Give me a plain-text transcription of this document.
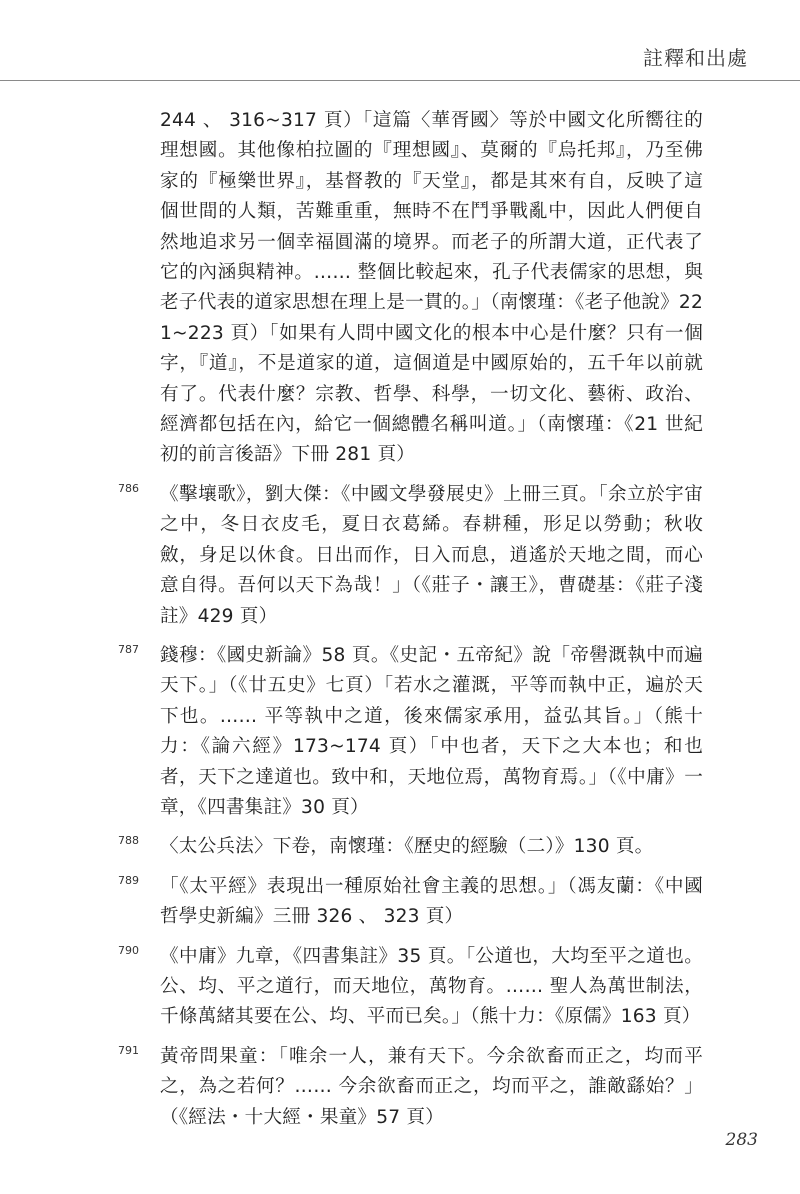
註釋和出處
244 、 316~317 頁）「這篇〈華胥國〉等於中國文化所嚮往的理想國。其他像柏拉圖的『理想國』、莫爾的『烏托邦』，乃至佛家的『極樂世界』，基督教的『天堂』，都是其來有自，反映了這個世間的人類，苦難重重，無時不在鬥爭戰亂中，因此人們便自然地追求另一個幸福圓滿的境界。而老子的所謂大道，正代表了它的內涵與精神。…… 整個比較起來，孔子代表儒家的思想，與老子代表的道家思想在理上是一貫的。」（南懷瑾：《老子他說》221~223 頁）「如果有人問中國文化的根本中心是什麼？只有一個字，『道』，不是道家的道，這個道是中國原始的，五千年以前就有了。代表什麼？宗教、哲學、科學，一切文化、藝術、政治、經濟都包括在內，給它一個總體名稱叫道。」（南懷瑾：《21 世紀初的前言後語》下冊 281 頁）
786 《擊壤歌》，劉大傑：《中國文學發展史》上冊三頁。「余立於宇宙之中，冬日衣皮毛，夏日衣葛絺。春耕種，形足以勞動；秋收斂，身足以休食。日出而作，日入而息，逍遙於天地之間，而心意自得。吾何以天下為哉！」（《莊子・讓王》，曹礎基：《莊子淺註》429 頁）
787 錢穆：《國史新論》58 頁。《史記・五帝紀》說「帝嚳溉執中而遍天下。」（《廿五史》七頁）「若水之灌溉，平等而執中正，遍於天下也。…… 平等執中之道，後來儒家承用，益弘其旨。」（熊十力：《論六經》173~174 頁）「中也者，天下之大本也；和也者，天下之達道也。致中和，天地位焉，萬物育焉。」（《中庸》一章，《四書集註》30 頁）
788 〈太公兵法〉下卷，南懷瑾：《歷史的經驗（二）》130 頁。
789 「《太平經》表現出一種原始社會主義的思想。」（馮友蘭：《中國哲學史新編》三冊 326 、 323 頁）
790 《中庸》九章，《四書集註》35 頁。「公道也，大均至平之道也。公、均、平之道行，而天地位，萬物育。…… 聖人為萬世制法，千條萬緒其要在公、均、平而已矣。」（熊十力：《原儒》163 頁）
791 黃帝問果童：「唯余一人，兼有天下。今余欲畜而正之，均而平之，為之若何？…… 今余欲畜而正之，均而平之，誰敵繇始？」（《經法・十大經・果童》57 頁）
283
